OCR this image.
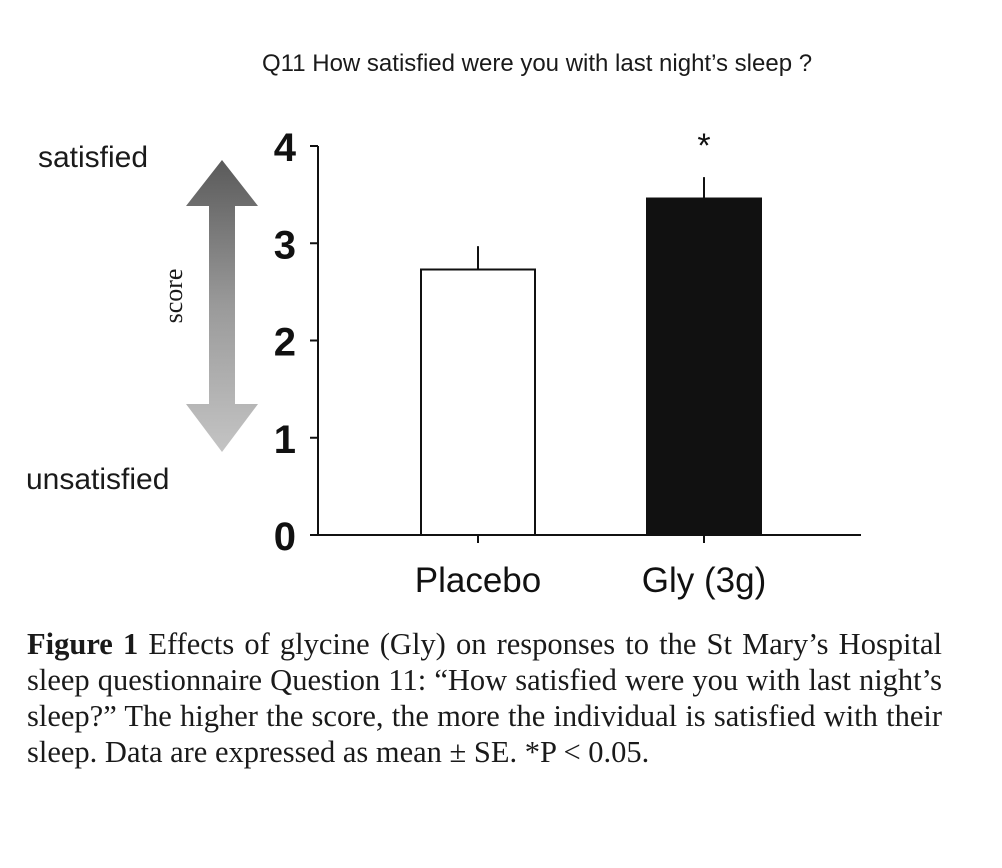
Q11 How satisfied were you with last night’s sleep ?
satisfied
unsatisfied
score
0
1
2
3
4
Placebo	Gly (3g)
*
Figure 1 Effects of glycine (Gly) on responses to the St Mary’s Hospital sleep questionnaire Question 11: “How satisfied were you with last night’s sleep?” The higher the score, the more the individual is satisfied with their sleep. Data are expressed as mean ± SE. *P < 0.05.
